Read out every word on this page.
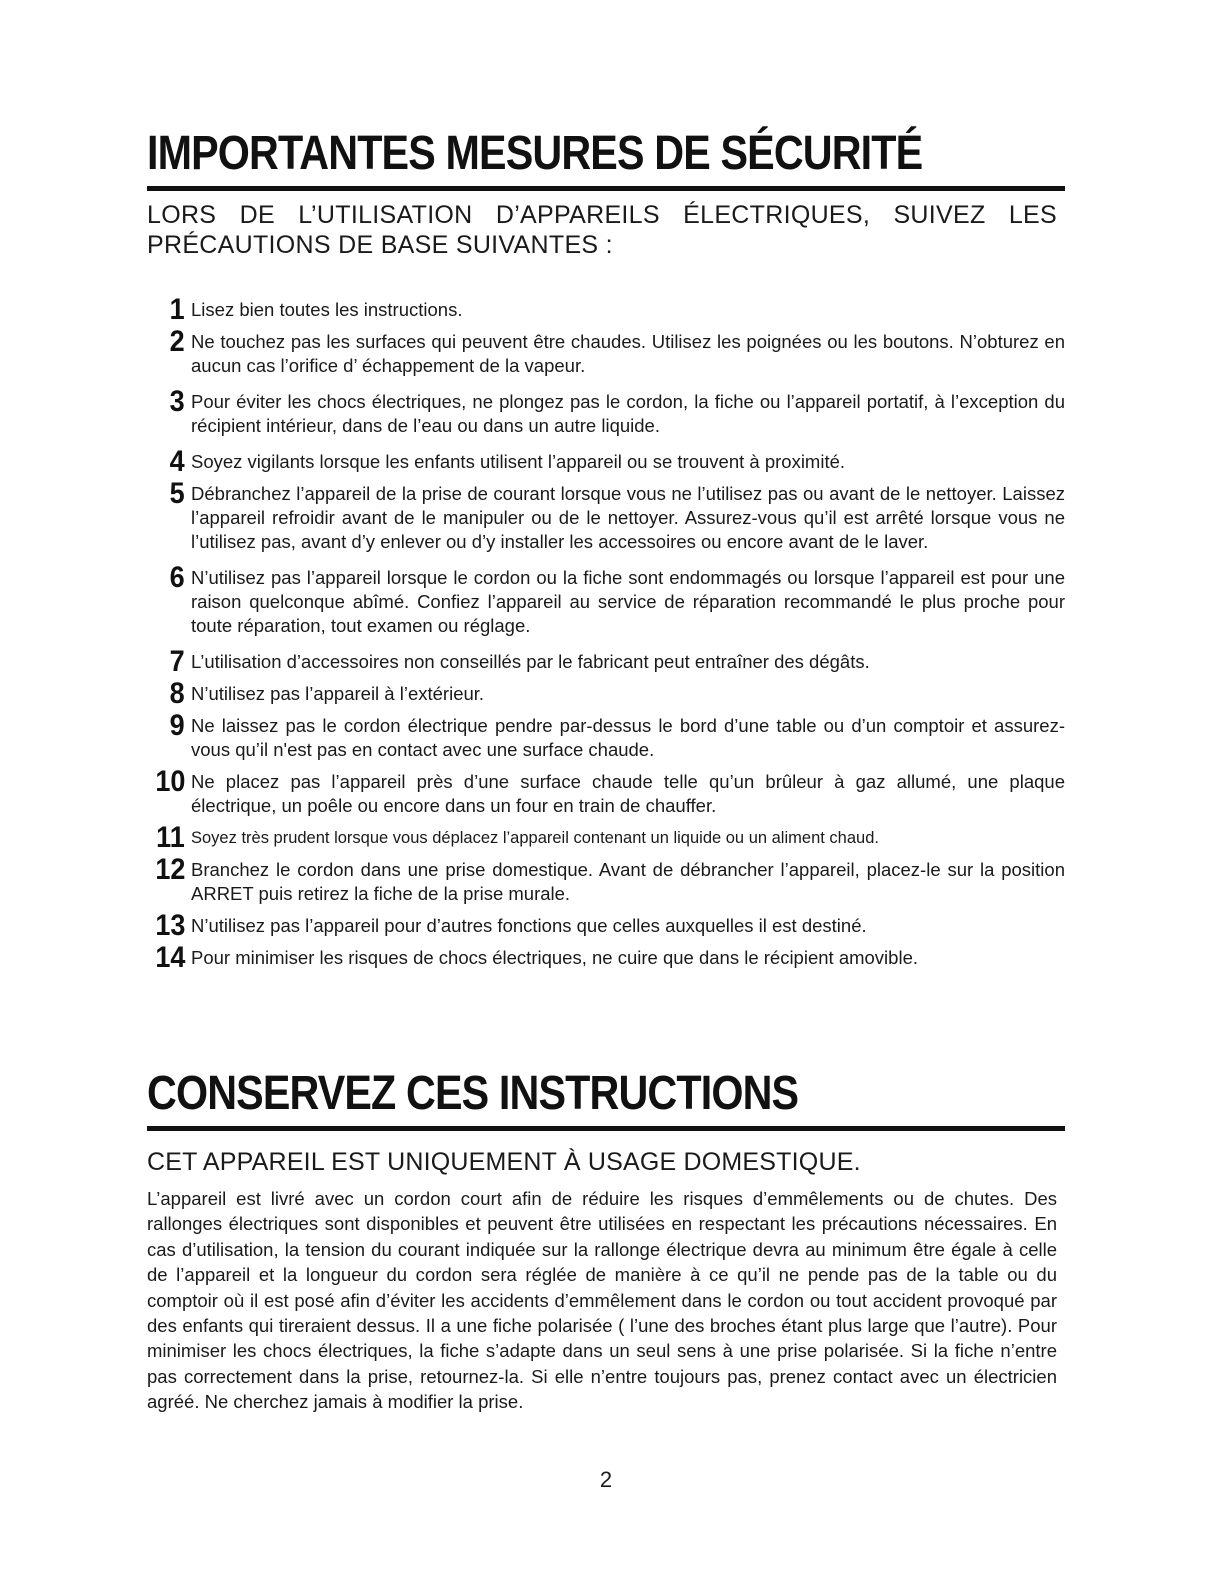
IMPORTANTES MESURES DE SÉCURITÉ

LORS DE L’UTILISATION D’APPAREILS ÉLECTRIQUES, SUIVEZ LES PRÉCAUTIONS DE BASE SUIVANTES :

1 Lisez bien toutes les instructions.
2 Ne touchez pas les surfaces qui peuvent être chaudes. Utilisez les poignées ou les boutons. N’obturez en aucun cas l’orifice d’ échappement de la vapeur.
3 Pour éviter les chocs électriques, ne plongez pas le cordon, la fiche ou l’appareil portatif, à l’exception du récipient intérieur, dans de l’eau ou dans un autre liquide.
4 Soyez vigilants lorsque les enfants utilisent l’appareil ou se trouvent à proximité.
5 Débranchez l’appareil de la prise de courant lorsque vous ne l’utilisez pas ou avant de le nettoyer. Laissez l’appareil refroidir avant de le manipuler ou de le nettoyer. Assurez-vous qu’il est arrêté lorsque vous ne l’utilisez pas, avant d’y enlever ou d’y installer les accessoires ou encore avant de le laver.
6 N’utilisez pas l’appareil lorsque le cordon ou la fiche sont endommagés ou lorsque l’appareil est pour une raison quelconque abîmé. Confiez l’appareil au service de réparation recommandé le plus proche pour toute réparation, tout examen ou réglage.
7 L’utilisation d’accessoires non conseillés par le fabricant peut entraîner des dégâts.
8 N’utilisez pas l’appareil à l’extérieur.
9 Ne laissez pas le cordon électrique pendre par-dessus le bord d’une table ou d’un comptoir et assurez-vous qu’il n'est pas en contact avec une surface chaude.
10 Ne placez pas l’appareil près d’une surface chaude telle qu’un brûleur à gaz allumé, une plaque électrique, un poêle ou encore dans un four en train de chauffer.
11 Soyez très prudent lorsque vous déplacez l’appareil contenant un liquide ou un aliment chaud.
12 Branchez le cordon dans une prise domestique. Avant de débrancher l’appareil, placez-le sur la position ARRET puis retirez la fiche de la prise murale.
13 N’utilisez pas l’appareil pour d’autres fonctions que celles auxquelles il est destiné.
14 Pour minimiser les risques de chocs électriques, ne cuire que dans le récipient amovible.
CONSERVEZ CES INSTRUCTIONS

CET APPAREIL EST UNIQUEMENT À USAGE DOMESTIQUE.

L’appareil est livré avec un cordon court afin de réduire les risques d’emmêlements ou de chutes. Des rallonges électriques sont disponibles et peuvent être utilisées en respectant les précautions nécessaires. En cas d’utilisation, la tension du courant indiquée sur la rallonge électrique devra au minimum être égale à celle de l’appareil et la longueur du cordon sera réglée de manière à ce qu’il ne pende pas de la table ou du comptoir où il est posé afin d’éviter les accidents d’emmêlement dans le cordon ou tout accident provoqué par des enfants qui tireraient dessus. Il a une fiche polarisée ( l’une des broches étant plus large que l’autre). Pour minimiser les chocs électriques, la fiche s’adapte dans un seul sens à une prise polarisée. Si la fiche n’entre pas correctement dans la prise, retournez-la. Si elle n’entre toujours pas, prenez contact avec un électricien agréé. Ne cherchez jamais à modifier la prise.

2
